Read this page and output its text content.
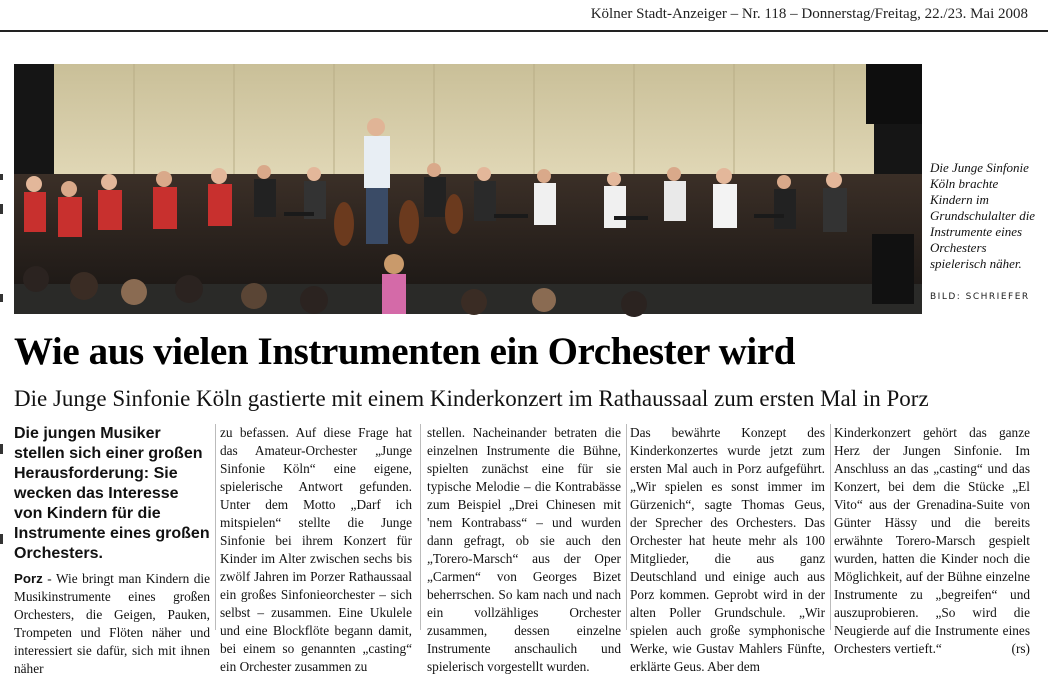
Kölner Stadt-Anzeiger – Nr. 118 – Donnerstag/Freitag, 22./23. Mai 2008
Die Junge Sinfonie Köln brachte Kindern im Grundschulalter die Instrumente eines Orchesters spielerisch näher.
BILD: SCHRIEFER
Wie aus vielen Instrumenten ein Orchester wird
Die Junge Sinfonie Köln gastierte mit einem Kinderkonzert im Rathaussaal zum ersten Mal in Porz

Die jungen Musiker stellen sich einer großen Herausforderung: Sie wecken das Interesse von Kindern für die Instrumente eines großen Orchesters.

Porz - Wie bringt man Kindern die Musikinstrumente eines großen Orchesters, die Geigen, Pauken, Trompeten und Flöten näher und interessiert sie dafür, sich mit ihnen näher

zu befassen. Auf diese Frage hat das Amateur-Orchester „Junge Sinfonie Köln“ eine eigene, spielerische Antwort gefunden. Unter dem Motto „Darf ich mitspielen“ stellte die Junge Sinfonie bei ihrem Konzert für Kinder im Alter zwischen sechs bis zwölf Jahren im Porzer Rathaussaal ein großes Sinfonieorchester – sich selbst – zusammen. Eine Ukulele und eine Blockflöte begann damit, bei einem so genannten „casting“ ein Orchester zusammen zu

stellen. Nacheinander betraten die einzelnen Instrumente die Bühne, spielten zunächst eine für sie typische Melodie – die Kontrabässe zum Beispiel „Drei Chinesen mit 'nem Kontrabass“ – und wurden dann gefragt, ob sie auch den „Torero-Marsch“ aus der Oper „Carmen“ von Georges Bizet beherrschen. So kam nach und nach ein vollzähliges Orchester zusammen, dessen einzelne Instrumente anschaulich und spielerisch vorgestellt wurden.

Das bewährte Konzept des Kinderkonzertes wurde jetzt zum ersten Mal auch in Porz aufgeführt. „Wir spielen es sonst immer im Gürzenich“, sagte Thomas Geus, der Sprecher des Orchesters. Das Orchester hat heute mehr als 100 Mitglieder, die aus ganz Deutschland und einige auch aus Porz kommen. Geprobt wird in der alten Poller Grundschule. „Wir spielen auch große symphonische Werke, wie Gustav Mahlers Fünfte, erklärte Geus. Aber dem

Kinderkonzert gehört das ganze Herz der Jungen Sinfonie. Im Anschluss an das „casting“ und das Konzert, bei dem die Stücke „El Vito“ aus der Grenadina-Suite von Günter Hässy und die bereits erwähnte Torero-Marsch gespielt wurden, hatten die Kinder noch die Möglichkeit, auf der Bühne einzelne Instrumente zu „begreifen“ und auszuprobieren. „So wird die Neugierde auf die Instrumente eines Orchesters vertieft.“	(rs)
